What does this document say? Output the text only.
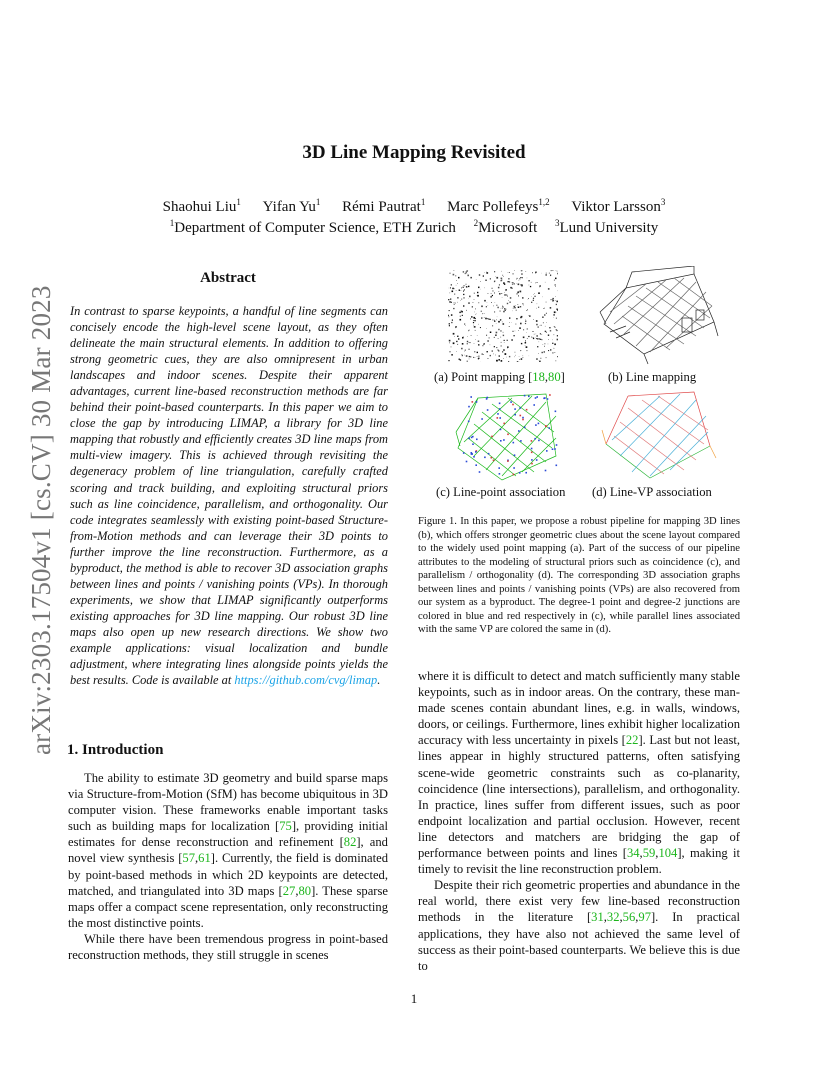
arXiv:2303.17504v1 [cs.CV] 30 Mar 2023
3D Line Mapping Revisited
Shaohui Liu$^1$ Yifan Yu$^1$ Rémi Pautrat$^1$ Marc Pollefeys$^{1,2}$ Viktor Larsson$^3$
$^1$Department of Computer Science, ETH Zurich $^2$Microsoft $^3$Lund University
Abstract
In contrast to sparse keypoints, a handful of line segments can concisely encode the high-level scene layout, as they often delineate the main structural elements. In addition to offering strong geometric cues, they are also omnipresent in urban landscapes and indoor scenes. Despite their apparent advantages, current line-based reconstruction methods are far behind their point-based counterparts. In this paper we aim to close the gap by introducing LIMAP, a library for 3D line mapping that robustly and efficiently creates 3D line maps from multi-view imagery. This is achieved through revisiting the degeneracy problem of line triangulation, carefully crafted scoring and track building, and exploiting structural priors such as line coincidence, parallelism, and orthogonality. Our code integrates seamlessly with existing point-based Structure-from-Motion methods and can leverage their 3D points to further improve the line reconstruction. Furthermore, as a byproduct, the method is able to recover 3D association graphs between lines and points / vanishing points (VPs). In thorough experiments, we show that LIMAP significantly outperforms existing approaches for 3D line mapping. Our robust 3D line maps also open up new research directions. We show two example applications: visual localization and bundle adjustment, where integrating lines alongside points yields the best results. Code is available at https://github.com/cvg/limap.
1. Introduction

The ability to estimate 3D geometry and build sparse maps via Structure-from-Motion (SfM) has become ubiquitous in 3D computer vision. These frameworks enable important tasks such as building maps for localization [75], providing initial estimates for dense reconstruction and refinement [82], and novel view synthesis [57,61]. Currently, the field is dominated by point-based methods in which 2D keypoints are detected, matched, and triangulated into 3D maps [27,80]. These sparse maps offer a compact scene representation, only reconstructing the most distinctive points.

While there have been tremendous progress in point-based reconstruction methods, they still struggle in scenes

(a) Point mapping [18,80]	(b) Line mapping
(c) Line-point association (d) Line-VP association
Figure 1. In this paper, we propose a robust pipeline for mapping 3D lines (b), which offers stronger geometric clues about the scene layout compared to the widely used point mapping (a). Part of the success of our pipeline attributes to the modeling of structural priors such as coincidence (c), and parallelism / orthogonality (d). The corresponding 3D association graphs between lines and points / vanishing points (VPs) are also recovered from our system as a byproduct. The degree-1 point and degree-2 junctions are colored in blue and red respectively in (c), while parallel lines associated with the same VP are colored the same in (d).

where it is difficult to detect and match sufficiently many stable keypoints, such as in indoor areas. On the contrary, these man-made scenes contain abundant lines, e.g. in walls, windows, doors, or ceilings. Furthermore, lines exhibit higher localization accuracy with less uncertainty in pixels [22]. Last but not least, lines appear in highly structured patterns, often satisfying scene-wide geometric constraints such as co-planarity, coincidence (line intersections), parallelism, and orthogonality. In practice, lines suffer from different issues, such as poor endpoint localization and partial occlusion. However, recent line detectors and matchers are bridging the gap of performance between points and lines [34,59,104], making it timely to revisit the line reconstruction problem.

Despite their rich geometric properties and abundance in the real world, there exist very few line-based reconstruction methods in the literature [31,32,56,97]. In practical applications, they have also not achieved the same level of success as their point-based counterparts. We believe this is due to

1
